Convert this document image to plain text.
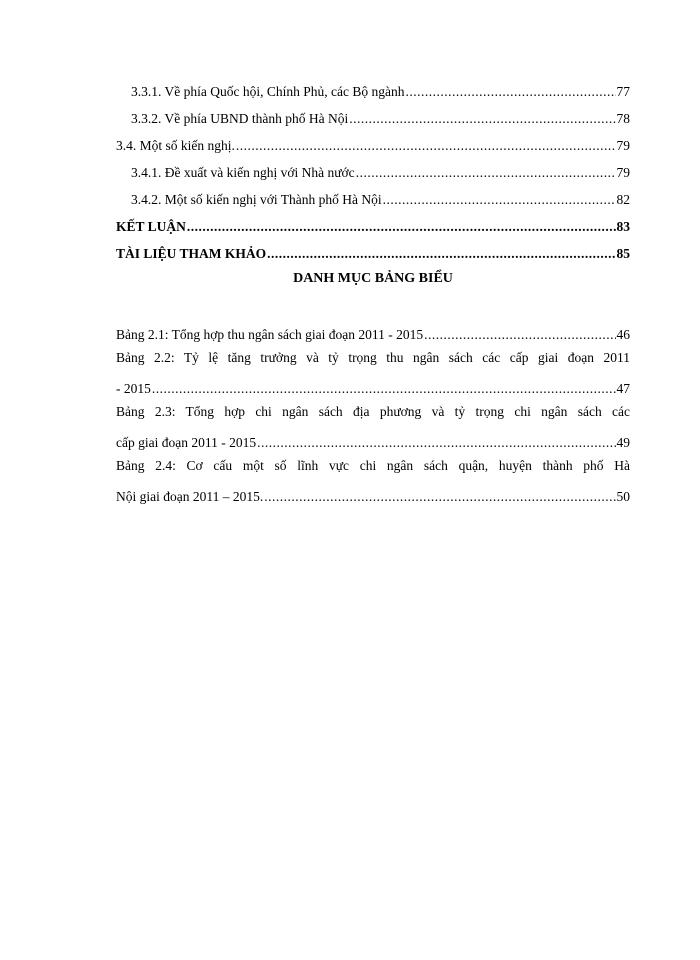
3.3.1. Về phía Quốc hội, Chính Phủ, các Bộ ngành .....	77
3.3.2. Về phía UBND thành phố Hà Nội .....	78
3.4. Một số kiến nghị. .....	79
3.4.1. Đề xuất và kiến nghị với Nhà nước .....	79
3.4.2. Một số kiến nghị với Thành phố Hà Nội .....	82
KẾT LUẬN .....	83
TÀI LIỆU THAM KHẢO .....	85
DANH MỤC BẢNG BIỂU
Bảng 2.1: Tổng hợp thu ngân sách giai đoạn 2011 - 2015 .....	46
Bảng 2.2: Tỷ lệ tăng trưởng và tỷ trọng thu ngân sách các cấp giai đoạn 2011
- 2015 .....	47
Bảng 2.3: Tổng hợp chi ngân sách địa phương và tỷ trọng chi ngân sách các
cấp giai đoạn 2011 - 2015 .....	49
Bảng 2.4: Cơ cấu một số lĩnh vực chi ngân sách quận, huyện thành phố Hà
Nội giai đoạn 2011 – 2015. .....	50
